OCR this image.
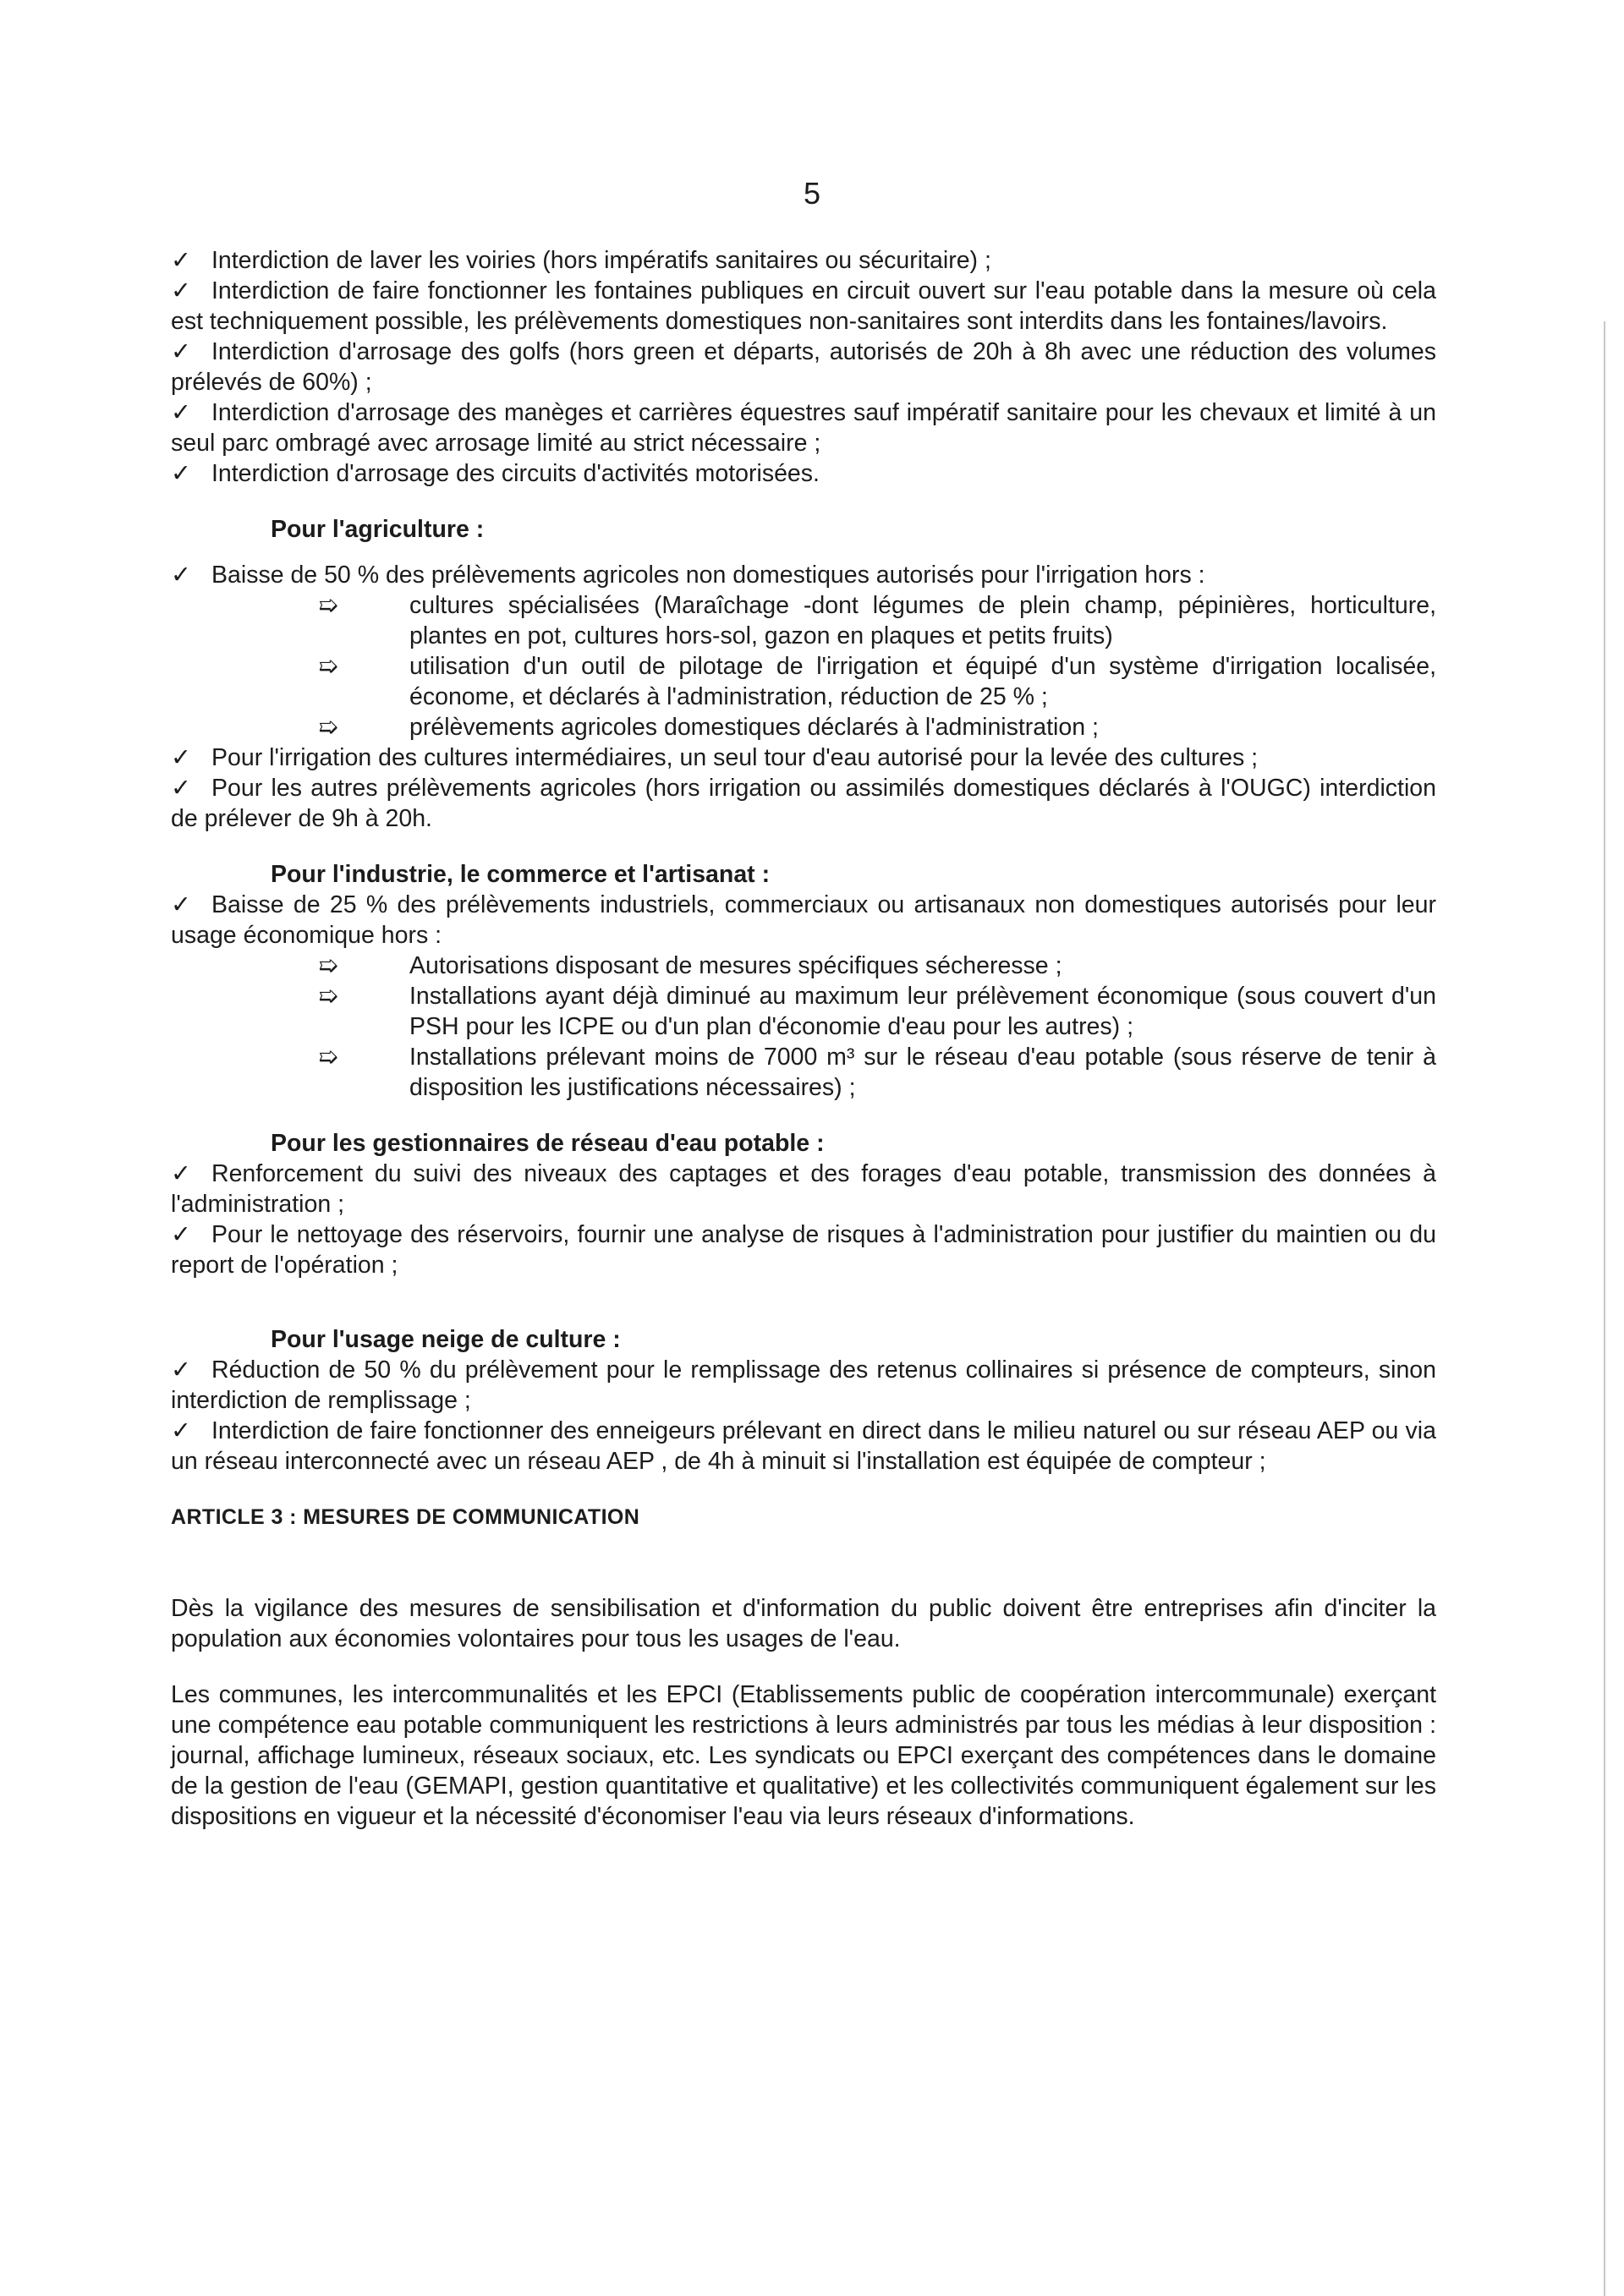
5

✓ Interdiction de laver les voiries (hors impératifs sanitaires ou sécuritaire) ;

✓ Interdiction de faire fonctionner les fontaines publiques en circuit ouvert sur l'eau potable dans la mesure où cela est techniquement possible, les prélèvements domestiques non-sanitaires sont interdits dans les fontaines/lavoirs.

✓ Interdiction d'arrosage des golfs (hors green et départs, autorisés de 20h à 8h avec une réduction des volumes prélevés de 60%) ;

✓ Interdiction d'arrosage des manèges et carrières équestres sauf impératif sanitaire pour les chevaux et limité à un seul parc ombragé avec arrosage limité au strict nécessaire ;

✓ Interdiction d'arrosage des circuits d'activités motorisées.

Pour l'agriculture :

✓ Baisse de 50 % des prélèvements agricoles non domestiques autorisés pour l'irrigation hors :

➯	cultures spécialisées (Maraîchage -dont légumes de plein champ, pépinières, horticulture, plantes en pot, cultures hors-sol, gazon en plaques et petits fruits)

➯	utilisation d'un outil de pilotage de l'irrigation et équipé d'un système d'irrigation localisée, économe, et déclarés à l'administration, réduction de 25 % ;

➯	prélèvements agricoles domestiques déclarés à l'administration ;

✓ Pour l'irrigation des cultures intermédiaires, un seul tour d'eau autorisé pour la levée des cultures ;

✓ Pour les autres prélèvements agricoles (hors irrigation ou assimilés domestiques déclarés à l'OUGC) interdiction de prélever de 9h à 20h.

Pour l'industrie, le commerce et l'artisanat :

✓ Baisse de 25 % des prélèvements industriels, commerciaux ou artisanaux non domestiques autorisés pour leur usage économique hors :

➯	Autorisations disposant de mesures spécifiques sécheresse ;

➯	Installations ayant déjà diminué au maximum leur prélèvement économique (sous couvert d'un PSH pour les ICPE ou d'un plan d'économie d'eau pour les autres) ;

➯	Installations prélevant moins de 7000 m³ sur le réseau d'eau potable (sous réserve de tenir à disposition les justifications nécessaires) ;

Pour les gestionnaires de réseau d'eau potable :

✓ Renforcement du suivi des niveaux des captages et des forages d'eau potable, transmission des données à l'administration ;

✓ Pour le nettoyage des réservoirs, fournir une analyse de risques à l'administration pour justifier du maintien ou du report de l'opération ;

Pour l'usage neige de culture :

✓ Réduction de 50 % du prélèvement pour le remplissage des retenus collinaires si présence de compteurs, sinon interdiction de remplissage ;

✓ Interdiction de faire fonctionner des enneigeurs prélevant en direct dans le milieu naturel ou sur réseau AEP ou via un réseau interconnecté avec un réseau AEP , de 4h à minuit si l'installation est équipée de compteur ;

ARTICLE 3 : MESURES DE COMMUNICATION

Dès la vigilance des mesures de sensibilisation et d'information du public doivent être entreprises afin d'inciter la population aux économies volontaires pour tous les usages de l'eau.

Les communes, les intercommunalités et les EPCI (Etablissements public de coopération intercommunale) exerçant une compétence eau potable communiquent les restrictions à leurs administrés par tous les médias à leur disposition : journal, affichage lumineux, réseaux sociaux, etc. Les syndicats ou EPCI exerçant des compétences dans le domaine de la gestion de l'eau (GEMAPI, gestion quantitative et qualitative) et les collectivités communiquent également sur les dispositions en vigueur et la nécessité d'économiser l'eau via leurs réseaux d'informations.
